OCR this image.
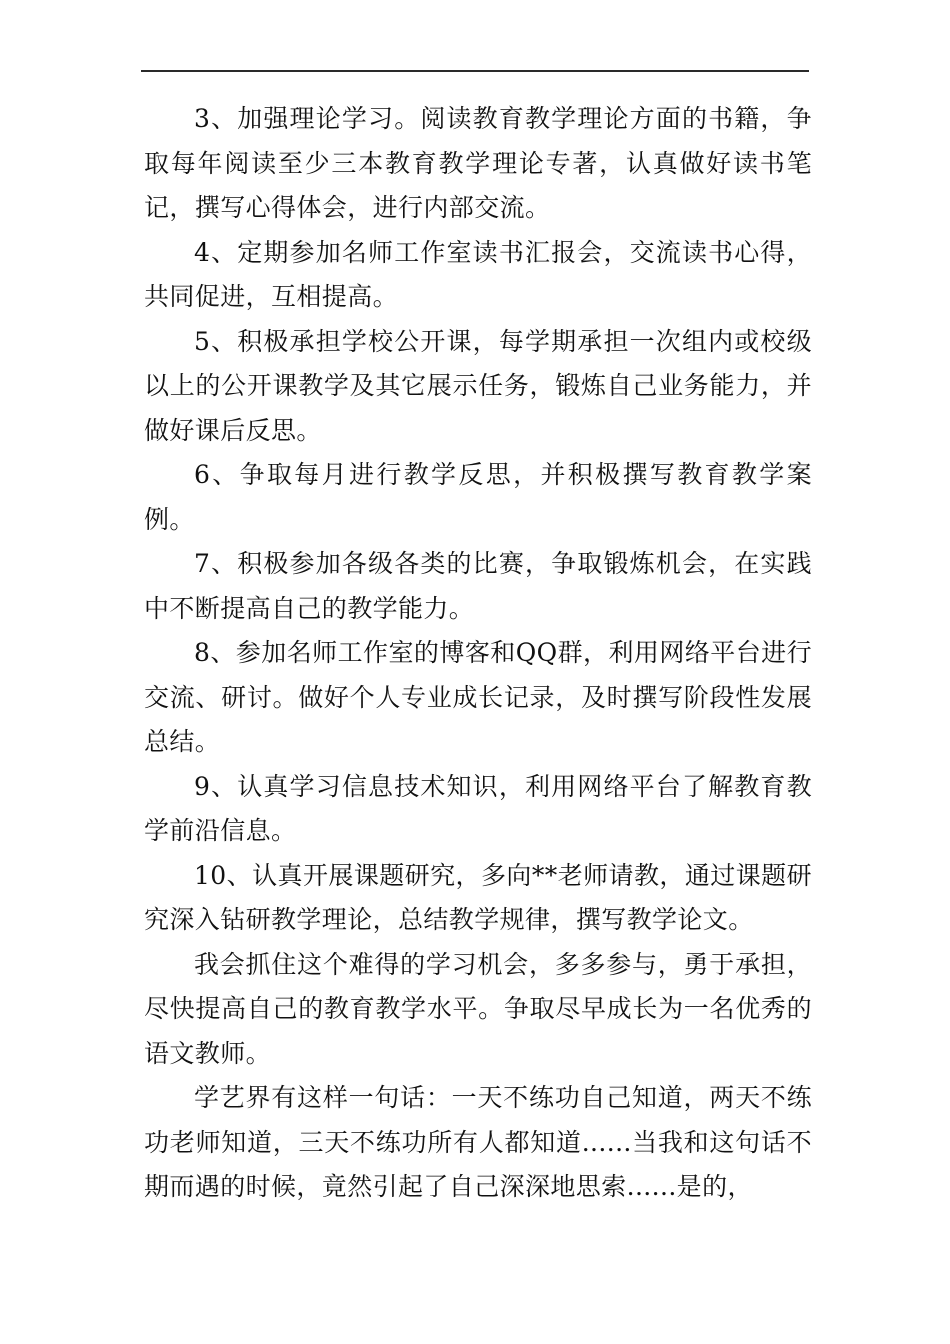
3、加强理论学习。阅读教育教学理论方面的书籍，争取每年阅读至少三本教育教学理论专著，认真做好读书笔记，撰写心得体会，进行内部交流。

4、定期参加名师工作室读书汇报会，交流读书心得，共同促进，互相提高。

5、积极承担学校公开课，每学期承担一次组内或校级以上的公开课教学及其它展示任务，锻炼自己业务能力，并做好课后反思。

6、争取每月进行教学反思，并积极撰写教育教学案例。

7、积极参加各级各类的比赛，争取锻炼机会，在实践中不断提高自己的教学能力。

8、参加名师工作室的博客和QQ群，利用网络平台进行交流、研讨。做好个人专业成长记录，及时撰写阶段性发展总结。

9、认真学习信息技术知识，利用网络平台了解教育教学前沿信息。

10、认真开展课题研究，多向**老师请教，通过课题研究深入钻研教学理论，总结教学规律，撰写教学论文。

我会抓住这个难得的学习机会，多多参与，勇于承担，尽快提高自己的教育教学水平。争取尽早成长为一名优秀的语文教师。

学艺界有这样一句话：一天不练功自己知道，两天不练功老师知道，三天不练功所有人都知道......当我和这句话不期而遇的时候，竟然引起了自己深深地思索......是的，
